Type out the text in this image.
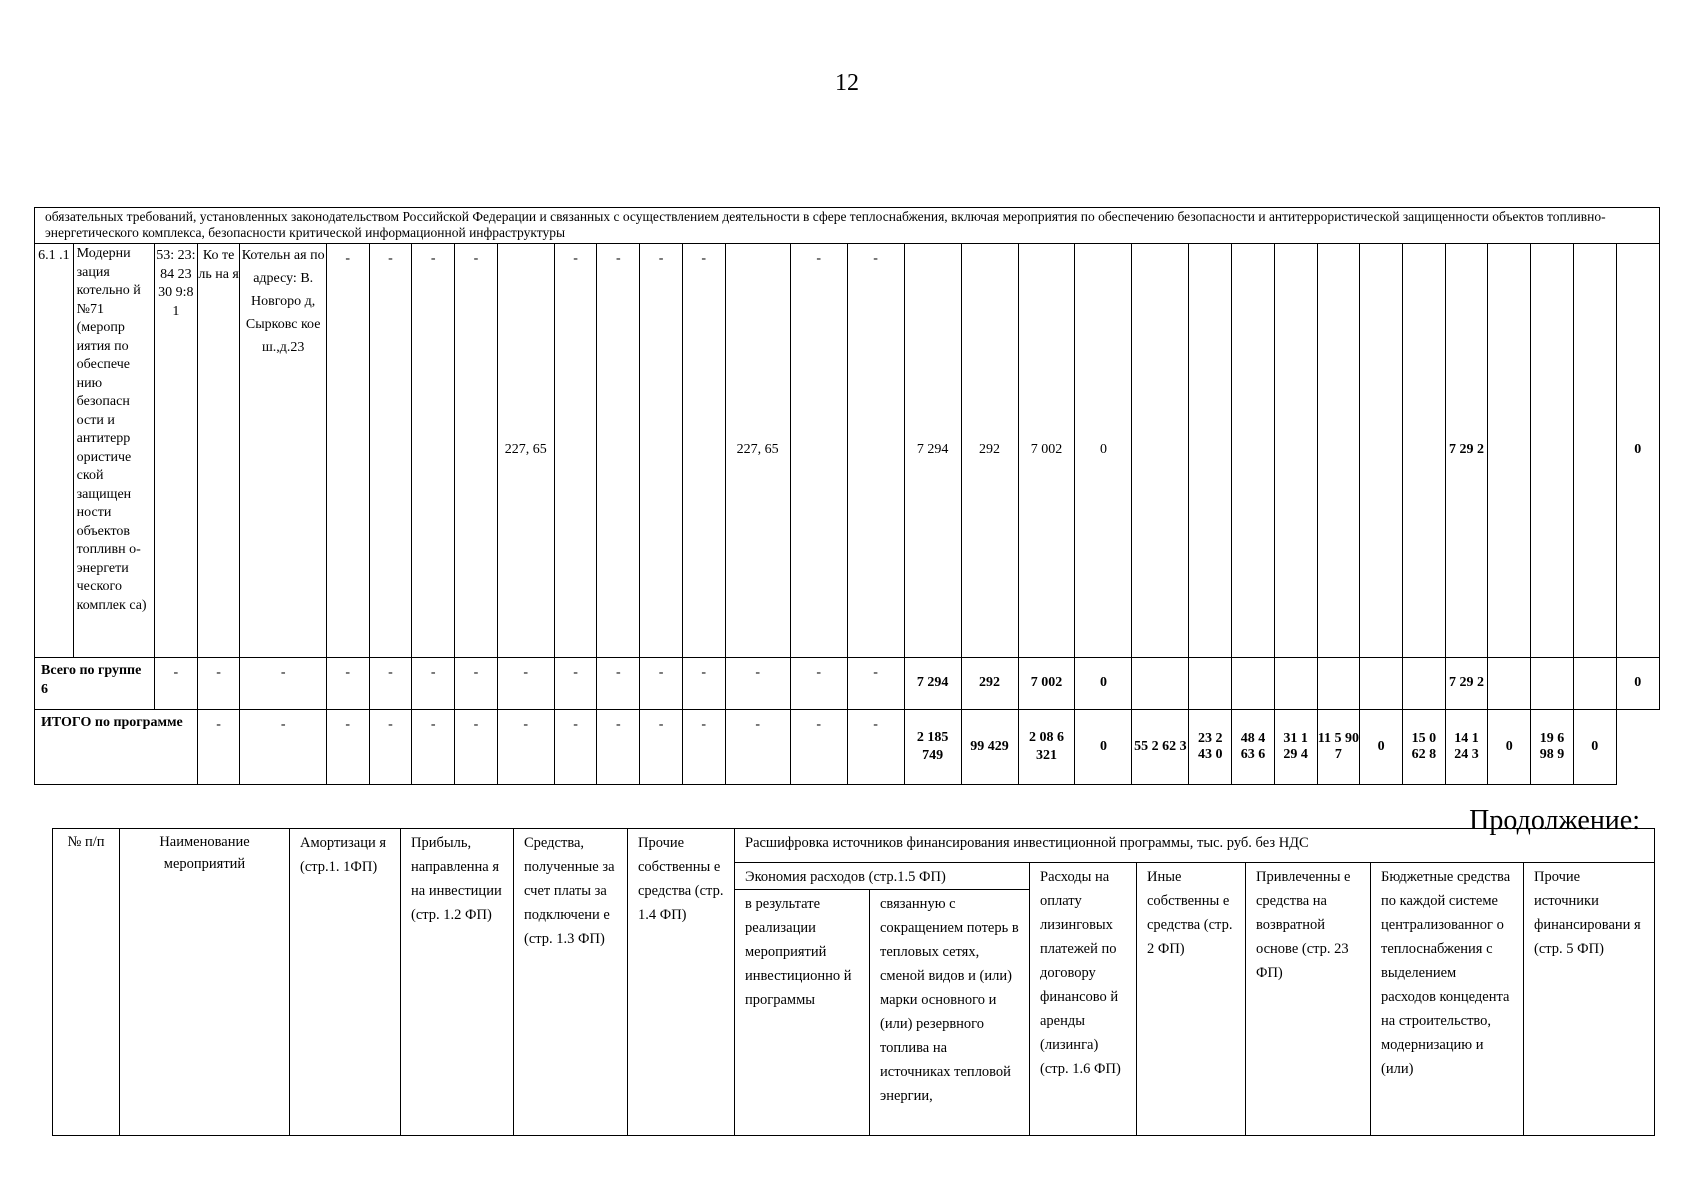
12
обязательных требований, установленных законодательством Российской Федерации и связанных с осуществлением деятельности в сфере теплоснабжения, включая мероприятия по обеспечению безопасности и антитеррористической защищенности объектов топливно-энергетического комплекса, безопасности критической информационной инфраструктуры																																
6.1 .1	Модерни зация котельно й №71 (меропр иятия по обеспече нию безопасн ости и антитерр ористиче ской защищен ности объектов топливн о- энергети ческого комплек са)	53: 23: 84 23 30 9:8 1	Ко те ль на я	Котельн ая по адресу: В. Новгоро д, Сырковс кое ш.,д.23	-	-	-	-	227, 65	-	-	-	-	227, 65	-	-	7 294	292	7 002	0								7 29 2				0
Всего по группе 6		-	-	-	-	-	-	-	-	-	-	-	-	-	-	-	7 294	292	7 002	0								7 29 2				0
ИТОГО по программе			-	-	-	-	-	-	-	-	-	-	-	-	-	-	2 185 749	99 429	2 08 6 321	0	55 2 62 3	23 2 43 0	48 4 63 6	31 1 29 4	11 5 90 7	0	15 0 62 8	14 1 24 3	0	19 6 98 9	0	
Продолжение:
№ п/п	Наименование мероприятий	Амортизаци я (стр.1. 1ФП)	Прибыль, направленна я на инвестиции (стр. 1.2 ФП)	Средства, полученные за счет платы за подключени е (стр. 1.3 ФП)	Прочие собственны е средства (стр. 1.4 ФП)	Расшифровка источников финансирования инвестиционной программы, тыс. руб. без НДС						
						Экономия расходов (стр.1.5 ФП)		Расходы на оплату лизинговых платежей по договору финансово й аренды (лизинга) (стр. 1.6 ФП)	Иные собственны е средства (стр. 2 ФП)	Привлеченны е средства на возвратной основе (стр. 23 ФП)	Бюджетные средства по каждой системе централизованног о теплоснабжения с выделением расходов концедента на строительство, модернизацию и (или)	Прочие источники финансировани я (стр. 5 ФП)
						в результате реализации мероприятий инвестиционно й программы	связанную с сокращением потерь в тепловых сетях, сменой видов и (или) марки основного и (или) резервного топлива на источниках тепловой энергии,					
